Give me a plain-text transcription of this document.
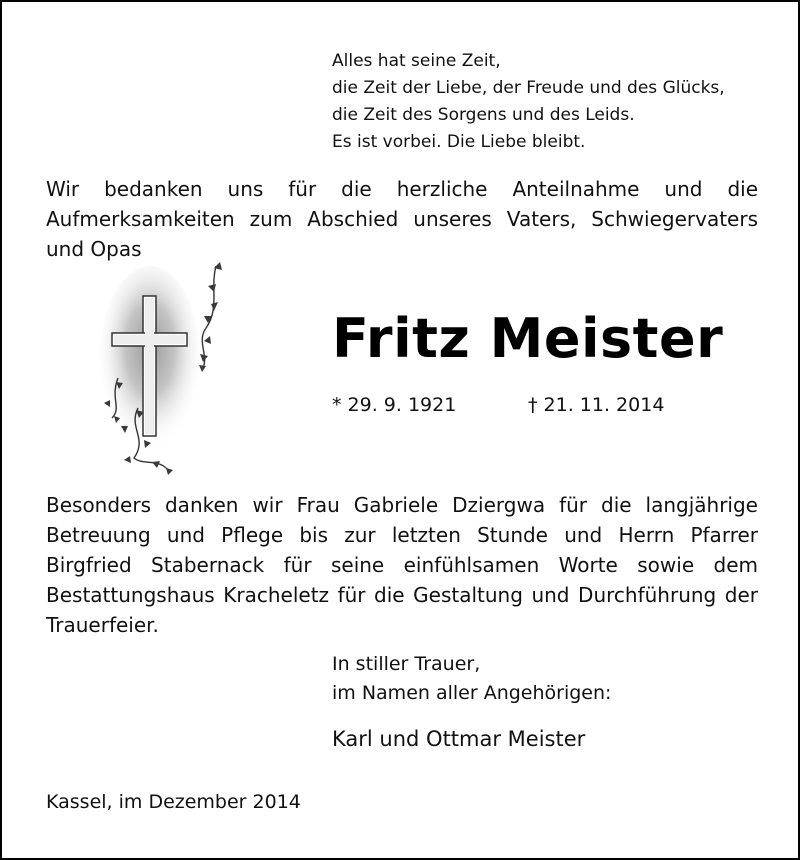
Alles hat seine Zeit,
die Zeit der Liebe, der Freude und des Glücks,
die Zeit des Sorgens und des Leids.
Es ist vorbei. Die Liebe bleibt.
Wir bedanken uns für die herzliche Anteilnahme und die Aufmerksamkeiten zum Abschied unseres Vaters, Schwiegervaters und Opas
Fritz Meister
* 29. 9. 1921	† 21. 11. 2014
Besonders danken wir Frau Gabriele Dziergwa für die langjährige Betreuung und Pflege bis zur letzten Stunde und Herrn Pfarrer Birgfried Stabernack für seine einfühlsamen Worte sowie dem Bestattungshaus Kracheletz für die Gestaltung und Durchführung der Trauerfeier.
In stiller Trauer,
im Namen aller Angehörigen:
Karl und Ottmar Meister
Kassel, im Dezember 2014
